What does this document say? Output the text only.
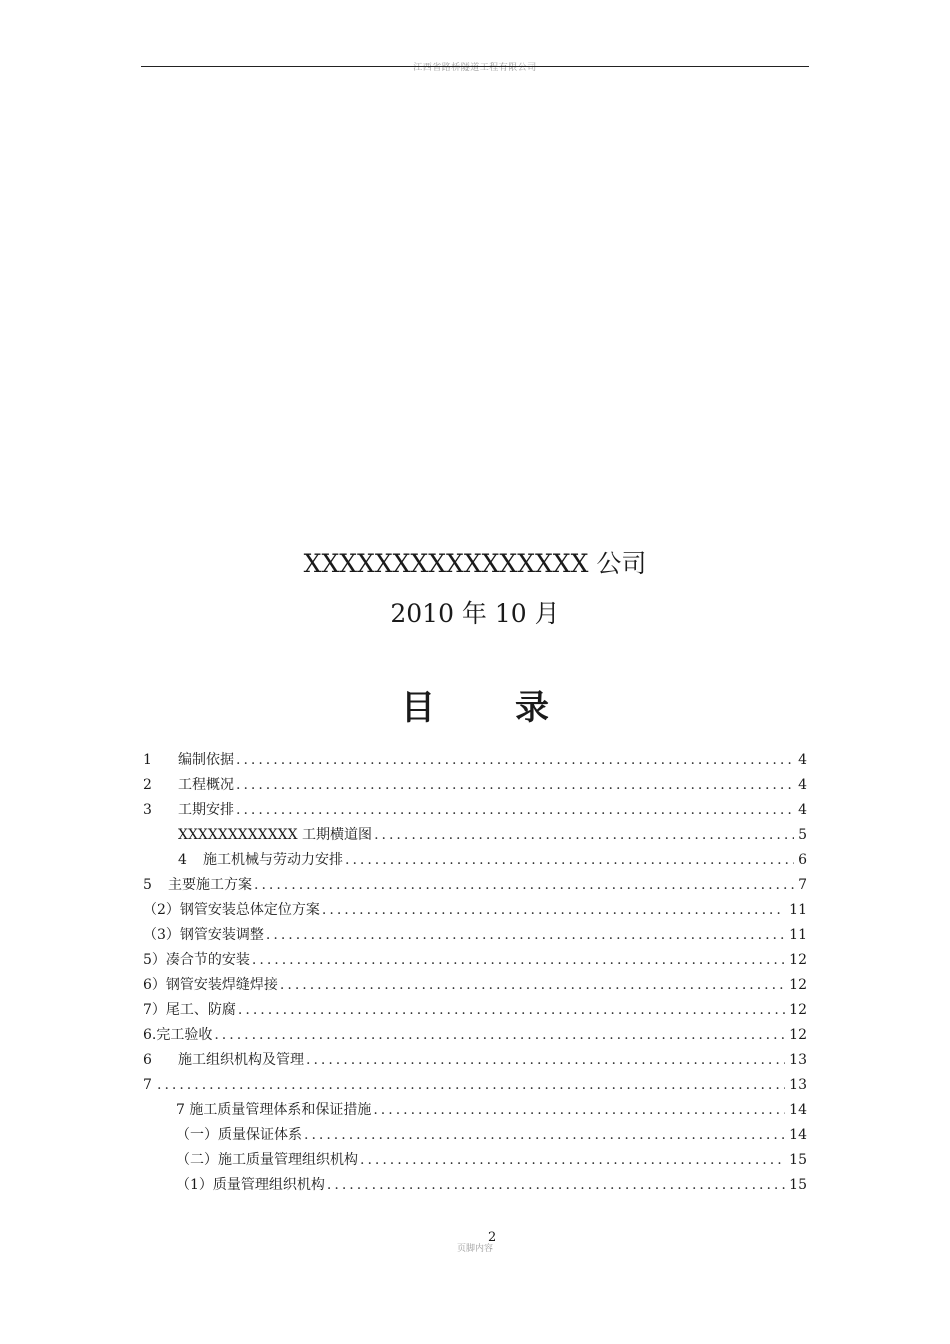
江西省路桥隧道工程有限公司
XXXXXXXXXXXXXXXX 公司
2010 年 10 月
目录
1 编制依据 .....	4
2 工程概况 .....	4
3 工期安排 .....	4
XXXXXXXXXXXX 工期横道图 .....	5
4 施工机械与劳动力安排 .....	6
5 主要施工方案 .....	7
（2）钢管安装总体定位方案 .....	11
（3）钢管安装调整 .....	11
5）凑合节的安装 .....	12
6）钢管安装焊缝焊接 .....	12
7）尾工、防腐 .....	12
6.完工验收 .....	12
6 施工组织机构及管理 .....	13
7 .....	13
7 施工质量管理体系和保证措施 .....	14
（一）质量保证体系 .....	14
（二）施工质量管理组织机构 .....	15
（1）质量管理组织机构 .....	15
页脚内容
2
